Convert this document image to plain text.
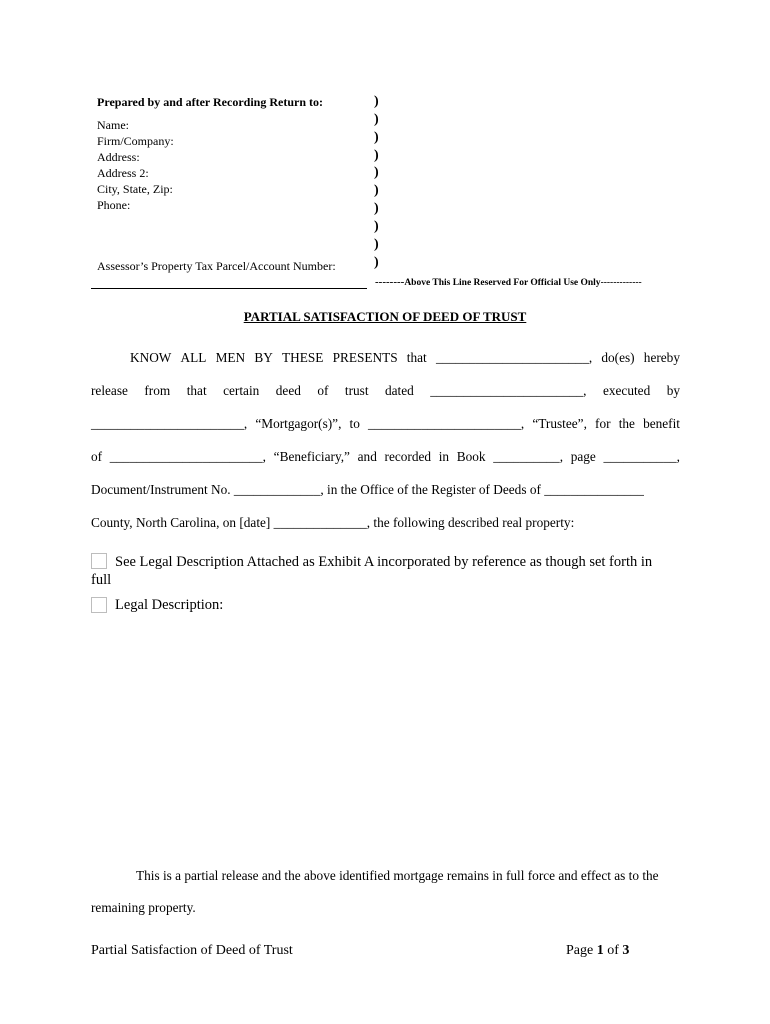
Prepared by and after Recording Return to:
Name:
Firm/Company:
Address:
Address 2:
City, State, Zip:
Phone:
)
)
)
)
)
)
)
)
)
)
Assessor’s Property Tax Parcel/Account Number:
--------Above This Line Reserved For Official Use Only-------------
PARTIAL SATISFACTION OF DEED OF TRUST
KNOW ALL MEN BY THESE PRESENTS that _______________________, do(es) hereby
release from that certain deed of trust dated _______________________, executed by
_______________________, “Mortgagor(s)”, to _______________________, “Trustee”, for the benefit
of _______________________, “Beneficiary,” and recorded in Book __________, page ___________,
Document/Instrument No. _____________, in the Office of the Register of Deeds of _______________
County, North Carolina, on [date] ______________, the following described real property:
See Legal Description Attached as Exhibit A incorporated by reference as though set forth in
full
Legal Description:
This is a partial release and the above identified mortgage remains in full force and effect as to the remaining property.
Partial Satisfaction of Deed of Trust	Page 1 of 3
